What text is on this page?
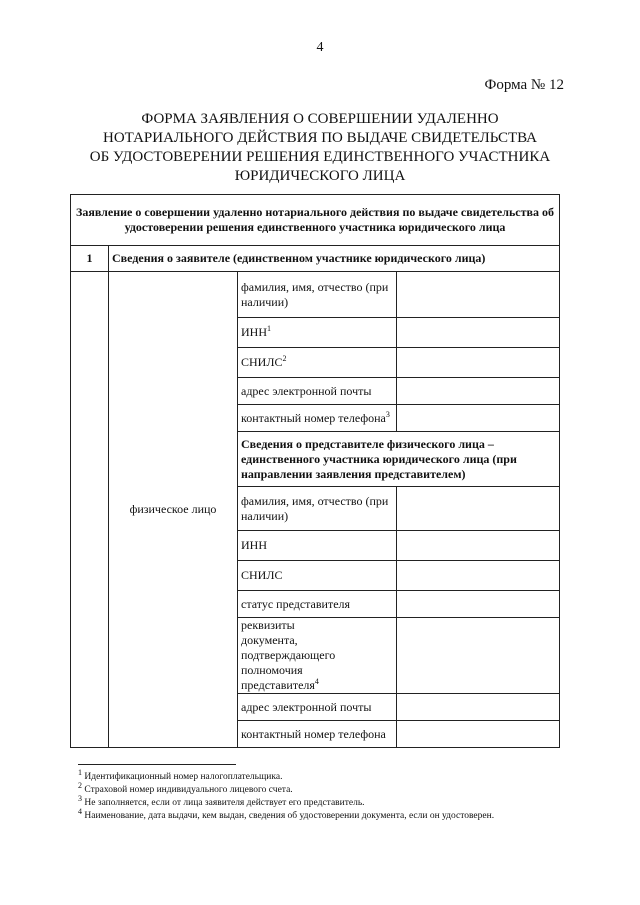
4
Форма № 12
ФОРМА ЗАЯВЛЕНИЯ О СОВЕРШЕНИИ УДАЛЕННО
НОТАРИАЛЬНОГО ДЕЙСТВИЯ ПО ВЫДАЧЕ СВИДЕТЕЛЬСТВА
ОБ УДОСТОВЕРЕНИИ РЕШЕНИЯ ЕДИНСТВЕННОГО УЧАСТНИКА
ЮРИДИЧЕСКОГО ЛИЦА
Заявление о совершении удаленно нотариального действия по выдаче свидетельства об удостоверении решения единственного участника юридического лица			
1	Сведения о заявителе (единственном участнике юридического лица)		
	физическое лицо	фамилия, имя, отчество (при наличии)	
		ИНН$^1$	
		СНИЛС$^2$	
		адрес электронной почты	
		контактный номер телефона$^3$	
		Сведения о представителе физического лица – единственного участника юридического лица (при направлении заявления представителем)	
		фамилия, имя, отчество (при наличии)	
		ИНН	
		СНИЛС	
		статус представителя	
		реквизиты документа, подтверждающего полномочия представителя$^4$	
		адрес электронной почты	
		контактный номер телефона	
$^1$ Идентификационный номер налогоплательщика.
$^2$ Страховой номер индивидуального лицевого счета.
$^3$ Не заполняется, если от лица заявителя действует его представитель.
$^4$ Наименование, дата выдачи, кем выдан, сведения об удостоверении документа, если он удостоверен.
